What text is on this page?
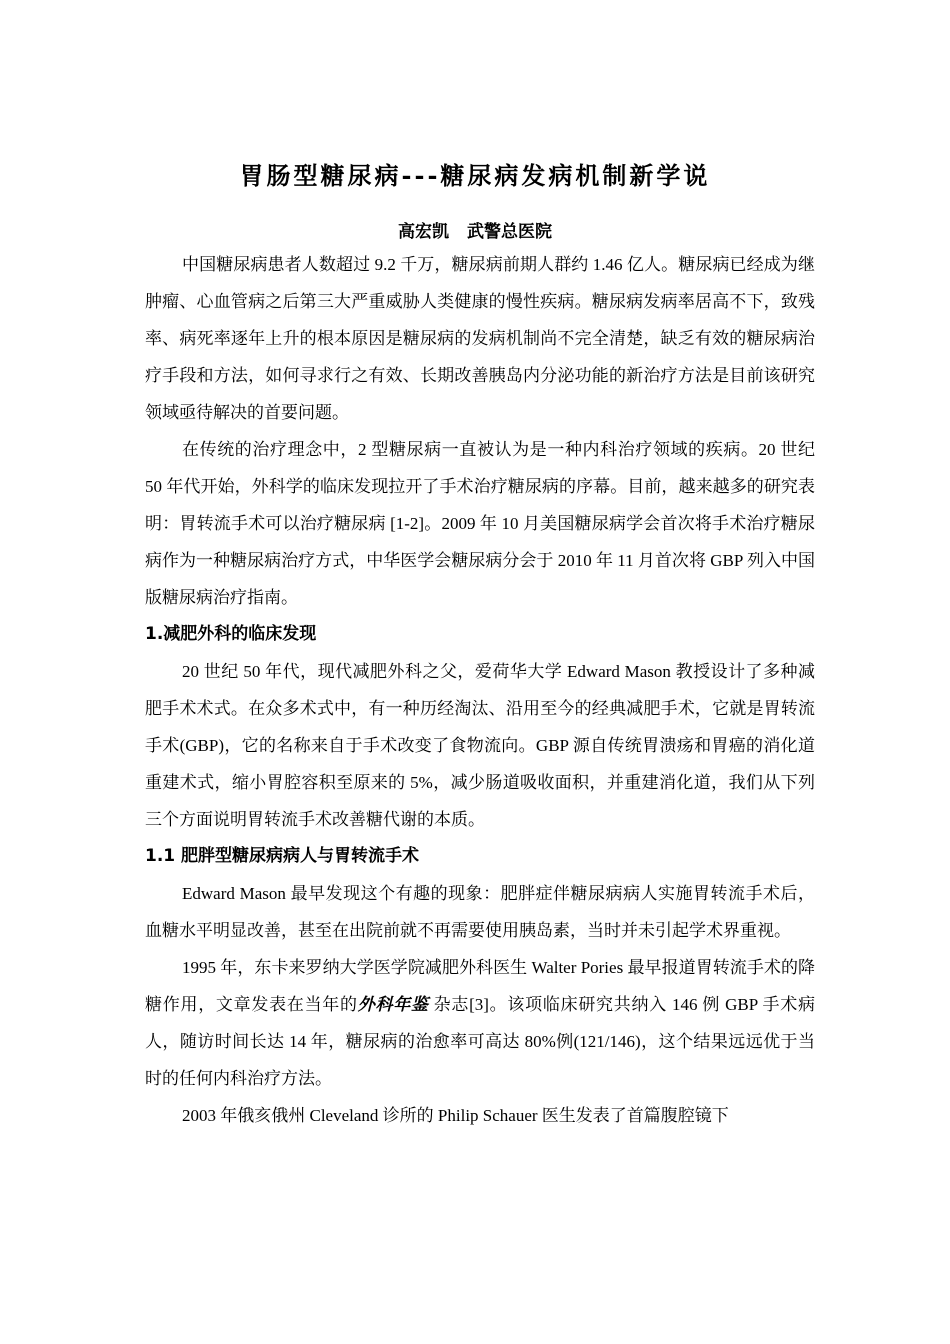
胃肠型糖尿病---糖尿病发病机制新学说
高宏凯 武警总医院

中国糖尿病患者人数超过 9.2 千万，糖尿病前期人群约 1.46 亿人。糖尿病已经成为继肿瘤、心血管病之后第三大严重威胁人类健康的慢性疾病。糖尿病发病率居高不下，致残率、病死率逐年上升的根本原因是糖尿病的发病机制尚不完全清楚，缺乏有效的糖尿病治疗手段和方法，如何寻求行之有效、长期改善胰岛内分泌功能的新治疗方法是目前该研究领域亟待解决的首要问题。

在传统的治疗理念中，2 型糖尿病一直被认为是一种内科治疗领域的疾病。20 世纪 50 年代开始，外科学的临床发现拉开了手术治疗糖尿病的序幕。目前，越来越多的研究表明：胃转流手术可以治疗糖尿病 [1-2]。2009 年 10 月美国糖尿病学会首次将手术治疗糖尿病作为一种糖尿病治疗方式，中华医学会糖尿病分会于 2010 年 11 月首次将 GBP 列入中国版糖尿病治疗指南。

1.减肥外科的临床发现

20 世纪 50 年代，现代减肥外科之父，爱荷华大学 Edward Mason 教授设计了多种减肥手术术式。在众多术式中，有一种历经淘汰、沿用至今的经典减肥手术，它就是胃转流手术(GBP)，它的名称来自于手术改变了食物流向。GBP 源自传统胃溃疡和胃癌的消化道重建术式，缩小胃腔容积至原来的 5%，减少肠道吸收面积，并重建消化道，我们从下列三个方面说明胃转流手术改善糖代谢的本质。

1.1 肥胖型糖尿病病人与胃转流手术

Edward Mason 最早发现这个有趣的现象：肥胖症伴糖尿病病人实施胃转流手术后，血糖水平明显改善，甚至在出院前就不再需要使用胰岛素，当时并未引起学术界重视。

1995 年，东卡来罗纳大学医学院减肥外科医生 Walter Pories 最早报道胃转流手术的降糖作用，文章发表在当年的外科年鉴 杂志[3]。该项临床研究共纳入 146 例 GBP 手术病人，随访时间长达 14 年，糖尿病的治愈率可高达 80%例(121/146)，这个结果远远优于当时的任何内科治疗方法。

2003 年俄亥俄州 Cleveland 诊所的 Philip Schauer 医生发表了首篇腹腔镜下
